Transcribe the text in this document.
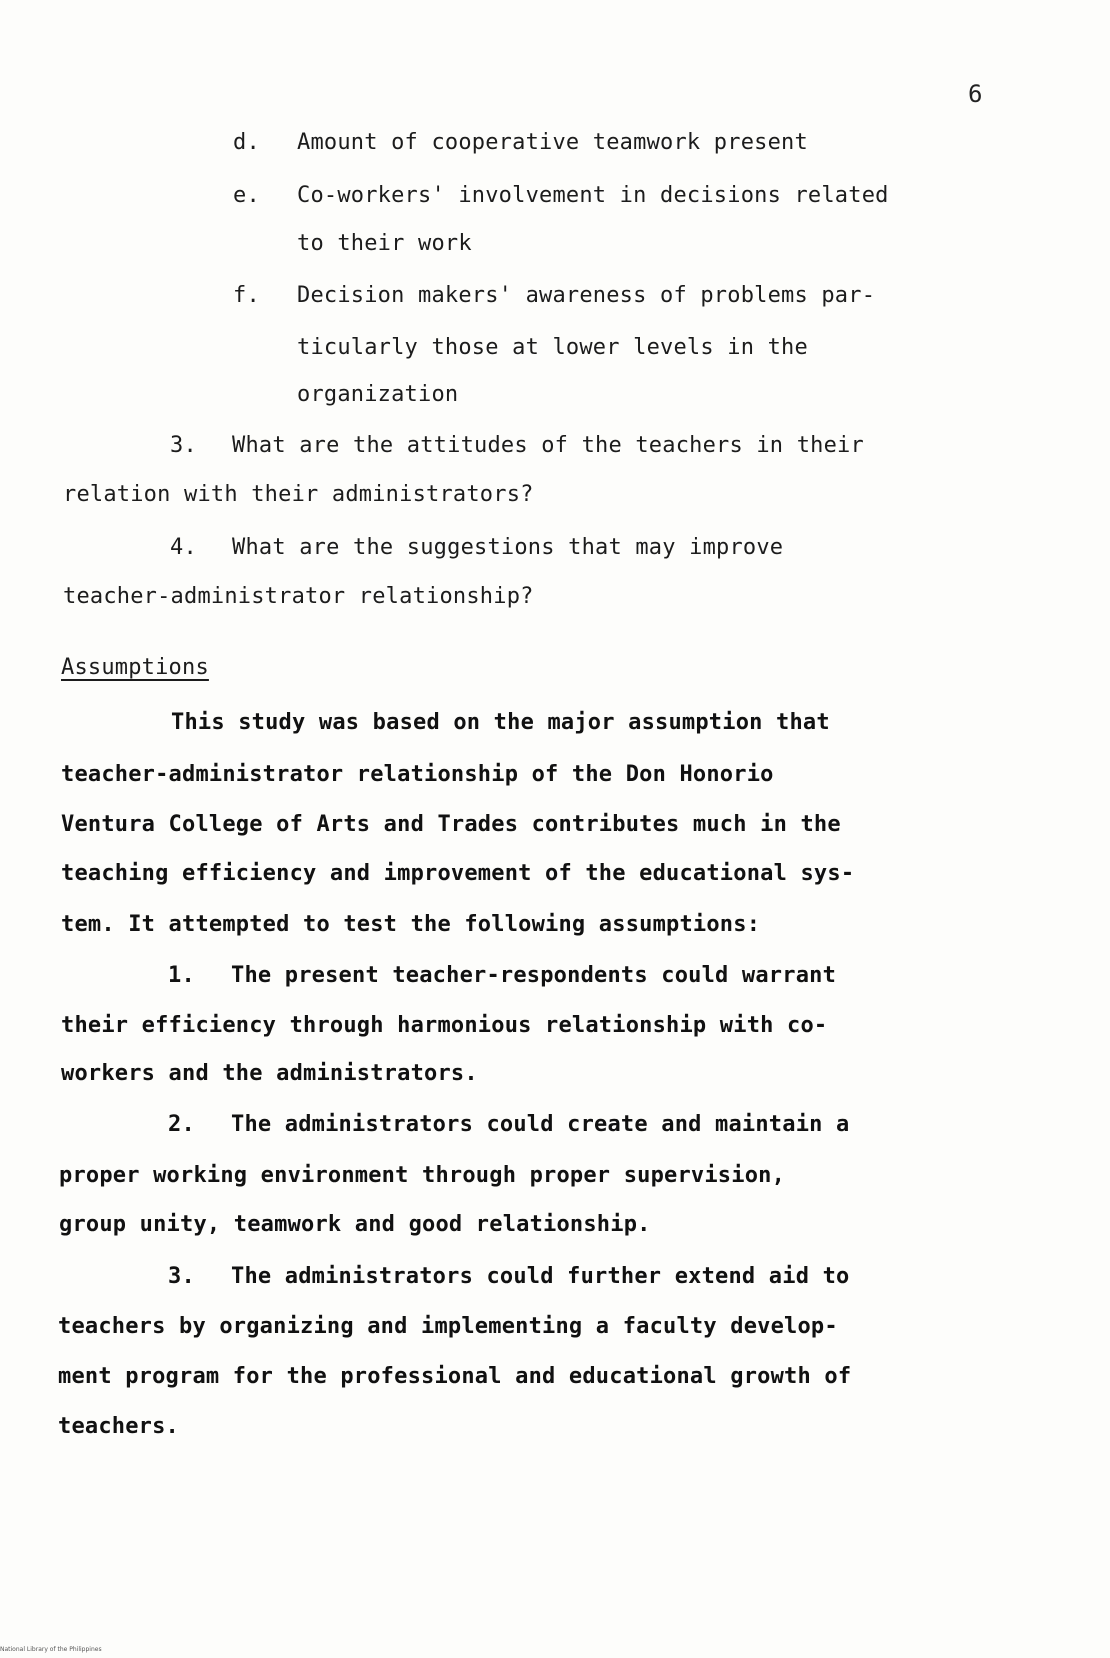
6
d. Amount of cooperative teamwork present
e. Co-workers' involvement in decisions related
to their work
f. Decision makers' awareness of problems par-
ticularly those at lower levels in the
organization
3. What are the attitudes of the teachers in their
relation with their administrators?
4. What are the suggestions that may improve
teacher-administrator relationship?
Assumptions
This study was based on the major assumption that
teacher-administrator relationship of the Don Honorio
Ventura College of Arts and Trades contributes much in the
teaching efficiency and improvement of the educational sys-
tem. It attempted to test the following assumptions:
1. The present teacher-respondents could warrant
their efficiency through harmonious relationship with co-
workers and the administrators.
2. The administrators could create and maintain a
proper working environment through proper supervision,
group unity, teamwork and good relationship.
3. The administrators could further extend aid to
teachers by organizing and implementing a faculty develop-
ment program for the professional and educational growth of
teachers.
National Library of the Philippines
